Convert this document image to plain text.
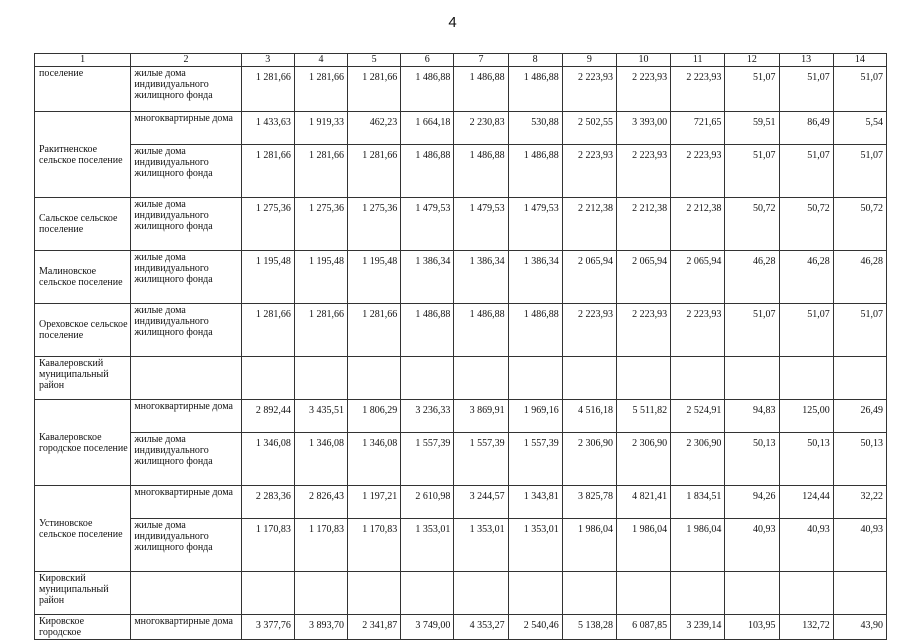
4
1	2	3	4	5	6	7	8	9	10	11	12	13	14
поселение	жилые дома индивидуального жилищного фонда	1 281,66	1 281,66	1 281,66	1 486,88	1 486,88	1 486,88	2 223,93	2 223,93	2 223,93	51,07	51,07	51,07
Ракитненское сельское поселение	многоквартирные дома	1 433,63	1 919,33	462,23	1 664,18	2 230,83	530,88	2 502,55	3 393,00	721,65	59,51	86,49	5,54
	жилые дома индивидуального жилищного фонда	1 281,66	1 281,66	1 281,66	1 486,88	1 486,88	1 486,88	2 223,93	2 223,93	2 223,93	51,07	51,07	51,07
Сальское сельское поселение	жилые дома индивидуального жилищного фонда	1 275,36	1 275,36	1 275,36	1 479,53	1 479,53	1 479,53	2 212,38	2 212,38	2 212,38	50,72	50,72	50,72
Малиновское сельское поселение	жилые дома индивидуального жилищного фонда	1 195,48	1 195,48	1 195,48	1 386,34	1 386,34	1 386,34	2 065,94	2 065,94	2 065,94	46,28	46,28	46,28
Ореховское сельское поселение	жилые дома индивидуального жилищного фонда	1 281,66	1 281,66	1 281,66	1 486,88	1 486,88	1 486,88	2 223,93	2 223,93	2 223,93	51,07	51,07	51,07
Кавалеровский муниципальный район													
Кавалеровское городское поселение	многоквартирные дома	2 892,44	3 435,51	1 806,29	3 236,33	3 869,91	1 969,16	4 516,18	5 511,82	2 524,91	94,83	125,00	26,49
	жилые дома индивидуального жилищного фонда	1 346,08	1 346,08	1 346,08	1 557,39	1 557,39	1 557,39	2 306,90	2 306,90	2 306,90	50,13	50,13	50,13
Устиновское сельское поселение	многоквартирные дома	2 283,36	2 826,43	1 197,21	2 610,98	3 244,57	1 343,81	3 825,78	4 821,41	1 834,51	94,26	124,44	32,22
	жилые дома индивидуального жилищного фонда	1 170,83	1 170,83	1 170,83	1 353,01	1 353,01	1 353,01	1 986,04	1 986,04	1 986,04	40,93	40,93	40,93
Кировский муниципальный район													
Кировское городское	многоквартирные дома	3 377,76	3 893,70	2 341,87	3 749,00	4 353,27	2 540,46	5 138,28	6 087,85	3 239,14	103,95	132,72	43,90
